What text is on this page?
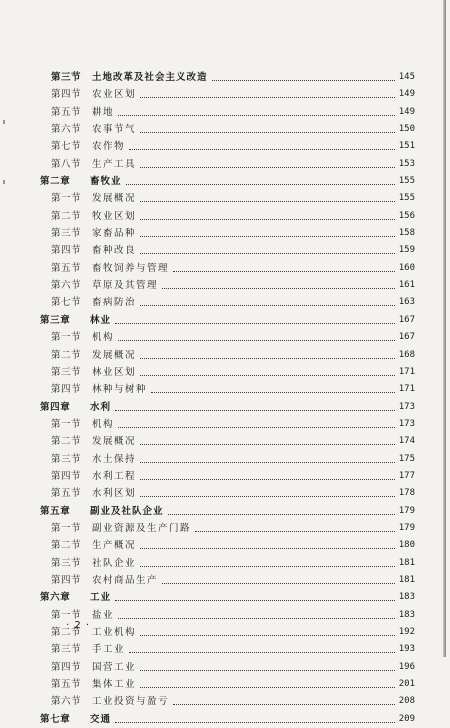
第三节 土地改革及社会主义改造	145
第四节 农业区划	149
第五节 耕地	149
第六节 农事节气	150
第七节 农作物	151
第八节 生产工具	153
第二章 畜牧业	155
第一节 发展概况	155
第二节 牧业区划	156
第三节 家畜品种	158
第四节 畜种改良	159
第五节 畜牧饲养与管理	160
第六节 草原及其管理	161
第七节 畜病防治	163
第三章 林业	167
第一节 机构	167
第二节 发展概况	168
第三节 林业区划	171
第四节 林种与树种	171
第四章 水利	173
第一节 机构	173
第二节 发展概况	174
第三节 水土保持	175
第四节 水利工程	177
第五节 水利区划	178
第五章 副业及社队企业	179
第一节 副业资源及生产门路	179
第二节 生产概况	180
第三节 社队企业	181
第四节 农村商品生产	181
第六章 工业	183
第一节 盐业	183
第二节 工业机构	192
第三节 手工业	193
第四节 国营工业	196
第五节 集体工业	201
第六节 工业投资与盈亏	208
第七章 交通	209
· 2 ·
